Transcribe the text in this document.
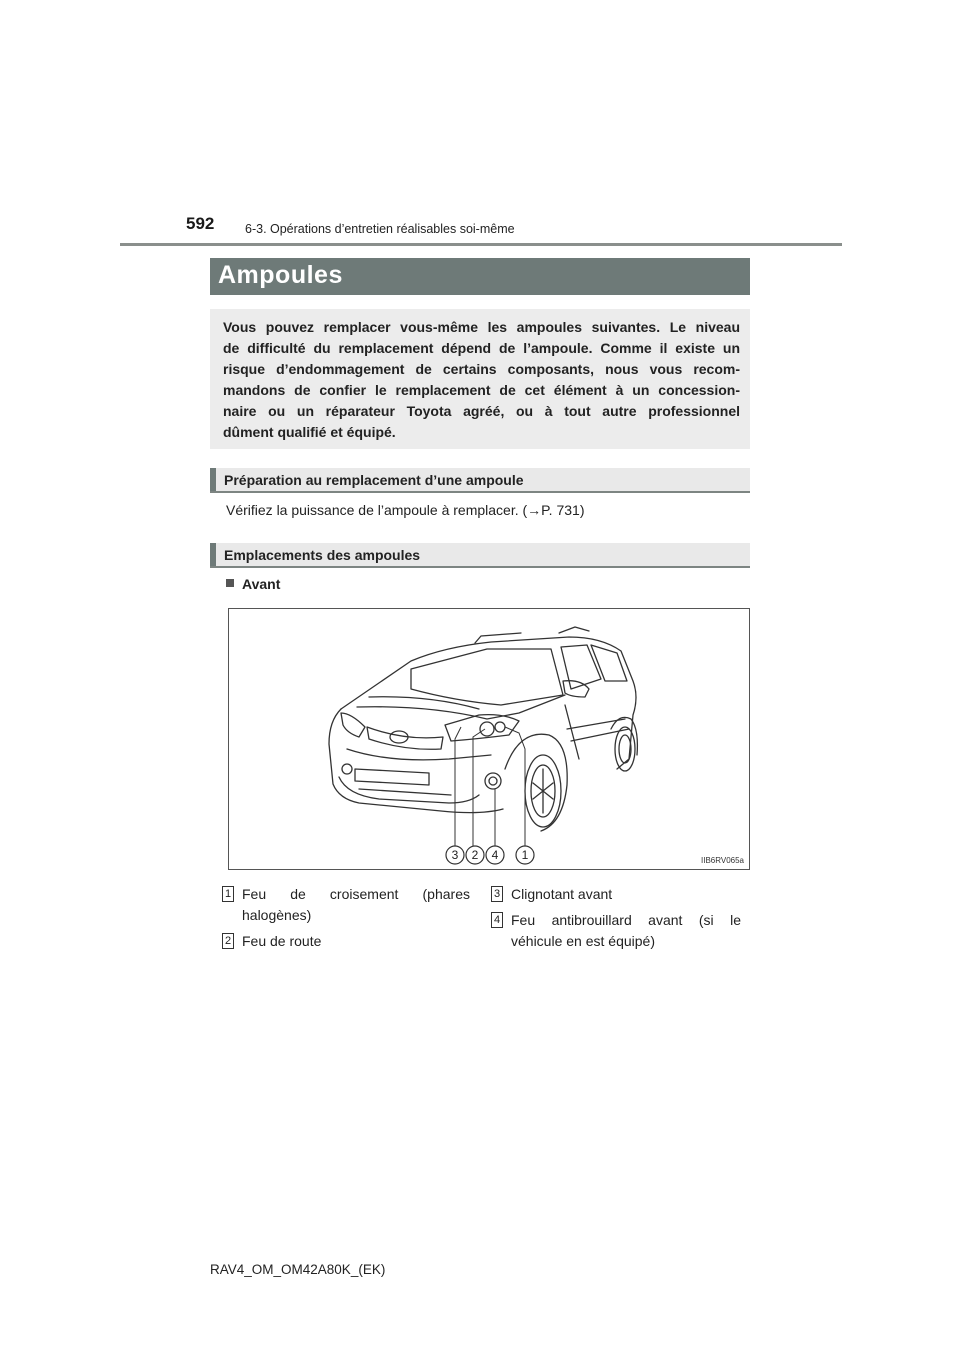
592 6-3. Opérations d’entretien réalisables soi-même
Ampoules
Vous pouvez remplacer vous-même les ampoules suivantes. Le niveau
de difficulté du remplacement dépend de l’ampoule. Comme il existe un
risque d’endommagement de certains composants, nous vous recom-
mandons de confier le remplacement de cet élément à un concession-
naire ou un réparateur Toyota agréé, ou à tout autre professionnel
dûment qualifié et équipé.
Préparation au remplacement d’une ampoule
Vérifiez la puissance de l’ampoule à remplacer. (→P. 731)
Emplacements des ampoules
Avant
3 2 4 1	IIB6RV065a
1 Feu de croisement (phares
halogènes)
2 Feu de route
3 Clignotant avant
4 Feu antibrouillard avant (si le
véhicule en est équipé)
RAV4_OM_OM42A80K_(EK)
